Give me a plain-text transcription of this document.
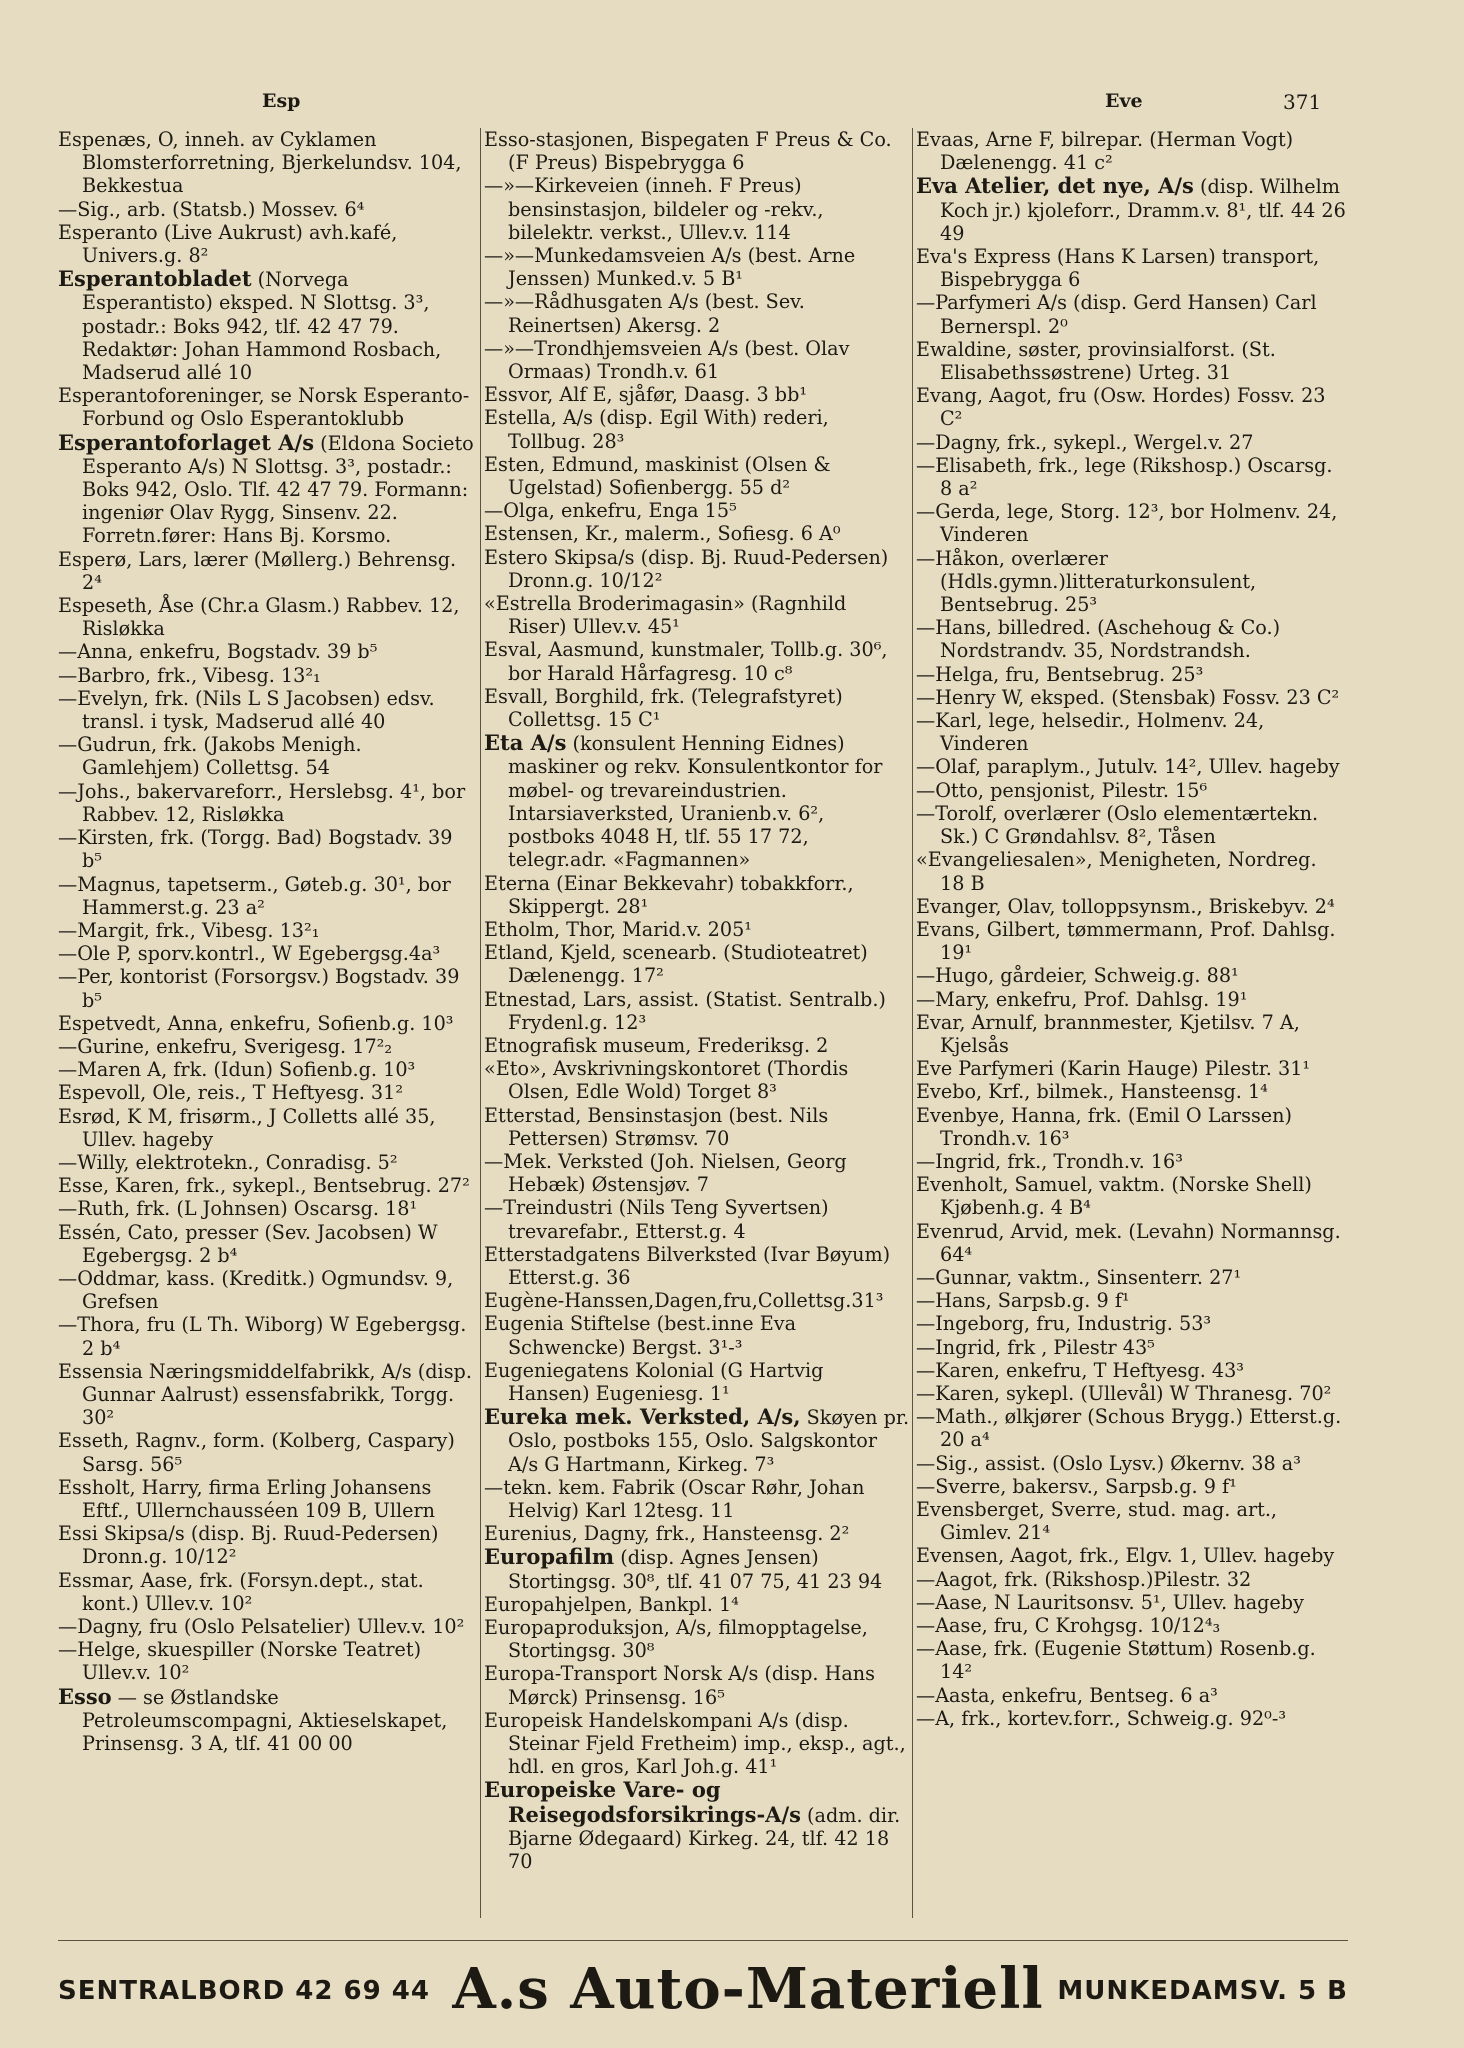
Esp	Eve	371

Espenæs, O, inneh. av Cyklamen Blomsterforretning, Bjerkelundsv. 104, Bekkestua

—Sig., arb. (Statsb.) Mossev. 6⁴

Esperanto (Live Aukrust) avh.kafé, Univers.g. 8²

Esperantobladet (Norvega Esperantisto) eksped. N Slottsg. 3³, postadr.: Boks 942, tlf. 42 47 79. Redaktør: Johan Hammond Rosbach, Madserud allé 10

Esperantoforeninger, se Norsk Esperanto-Forbund og Oslo Esperantoklubb

Esperantoforlaget A/s (Eldona Societo Esperanto A/s) N Slottsg. 3³, postadr.: Boks 942, Oslo. Tlf. 42 47 79. Formann: ingeniør Olav Rygg, Sinsenv. 22. Forretn.fører: Hans Bj. Korsmo.

Esperø, Lars, lærer (Møllerg.) Behrensg. 2⁴

Espeseth, Åse (Chr.a Glasm.) Rabbev. 12, Risløkka

—Anna, enkefru, Bogstadv. 39 b⁵

—Barbro, frk., Vibesg. 13²₁

—Evelyn, frk. (Nils L S Jacobsen) edsv. transl. i tysk, Madserud allé 40

—Gudrun, frk. (Jakobs Menigh. Gamlehjem) Collettsg. 54

—Johs., bakervareforr., Herslebsg. 4¹, bor Rabbev. 12, Risløkka

—Kirsten, frk. (Torgg. Bad) Bogstadv. 39 b⁵

—Magnus, tapetserm., Gøteb.g. 30¹, bor Hammerst.g. 23 a²

—Margit, frk., Vibesg. 13²₁

—Ole P, sporv.kontrl., W Egebergsg.4a³

—Per, kontorist (Forsorgsv.) Bogstadv. 39 b⁵

Espetvedt, Anna, enkefru, Sofienb.g. 10³

—Gurine, enkefru, Sverigesg. 17²₂

—Maren A, frk. (Idun) Sofienb.g. 10³

Espevoll, Ole, reis., T Heftyesg. 31²

Esrød, K M, frisørm., J Colletts allé 35, Ullev. hageby

—Willy, elektrotekn., Conradisg. 5²

Esse, Karen, frk., sykepl., Bentsebrug. 27²

—Ruth, frk. (L Johnsen) Oscarsg. 18¹

Essén, Cato, presser (Sev. Jacobsen) W Egebergsg. 2 b⁴

—Oddmar, kass. (Kreditk.) Ogmundsv. 9, Grefsen

—Thora, fru (L Th. Wiborg) W Egebergsg. 2 b⁴

Essensia Næringsmiddelfabrikk, A/s (disp. Gunnar Aalrust) essensfabrikk, Torgg. 30²

Esseth, Ragnv., form. (Kolberg, Caspary) Sarsg. 56⁵

Essholt, Harry, firma Erling Johansens Eftf., Ullernchausséen 109 B, Ullern

Essi Skipsa/s (disp. Bj. Ruud-Pedersen) Dronn.g. 10/12²

Essmar, Aase, frk. (Forsyn.dept., stat. kont.) Ullev.v. 10²

—Dagny, fru (Oslo Pelsatelier) Ullev.v. 10²

—Helge, skuespiller (Norske Teatret) Ullev.v. 10²

Esso — se Østlandske Petroleumscompagni, Aktieselskapet, Prinsensg. 3 A, tlf. 41 00 00

Esso-stasjonen, Bispegaten F Preus & Co. (F Preus) Bispebrygga 6

—»—Kirkeveien (inneh. F Preus) bensinstasjon, bildeler og -rekv., bilelektr. verkst., Ullev.v. 114

—»—Munkedamsveien A/s (best. Arne Jenssen) Munked.v. 5 B¹

—»—Rådhusgaten A/s (best. Sev. Reinertsen) Akersg. 2

—»—Trondhjemsveien A/s (best. Olav Ormaas) Trondh.v. 61

Essvor, Alf E, sjåfør, Daasg. 3 bb¹

Estella, A/s (disp. Egil With) rederi, Tollbug. 28³

Esten, Edmund, maskinist (Olsen & Ugelstad) Sofienbergg. 55 d²

—Olga, enkefru, Enga 15⁵

Estensen, Kr., malerm., Sofiesg. 6 A⁰

Estero Skipsa/s (disp. Bj. Ruud-Pedersen) Dronn.g. 10/12²

«Estrella Broderimagasin» (Ragnhild Riser) Ullev.v. 45¹

Esval, Aasmund, kunstmaler, Tollb.g. 30⁶, bor Harald Hårfagresg. 10 c⁸

Esvall, Borghild, frk. (Telegrafstyret) Collettsg. 15 C¹

Eta A/s (konsulent Henning Eidnes) maskiner og rekv. Konsulentkontor for møbel- og trevareindustrien. Intarsiaverksted, Uranienb.v. 6², postboks 4048 H, tlf. 55 17 72, telegr.adr. «Fagmannen»

Eterna (Einar Bekkevahr) tobakkforr., Skippergt. 28¹

Etholm, Thor, Marid.v. 205¹

Etland, Kjeld, scenearb. (Studioteatret) Dælenengg. 17²

Etnestad, Lars, assist. (Statist. Sentralb.) Frydenl.g. 12³

Etnografisk museum, Frederiksg. 2

«Eto», Avskrivningskontoret (Thordis Olsen, Edle Wold) Torget 8³

Etterstad, Bensinstasjon (best. Nils Pettersen) Strømsv. 70

—Mek. Verksted (Joh. Nielsen, Georg Hebæk) Østensjøv. 7

—Treindustri (Nils Teng Syvertsen) trevarefabr., Etterst.g. 4

Etterstadgatens Bilverksted (Ivar Bøyum) Etterst.g. 36

Eugène-Hanssen,Dagen,fru,Collettsg.31³

Eugenia Stiftelse (best.inne Eva Schwencke) Bergst. 3¹-³

Eugeniegatens Kolonial (G Hartvig Hansen) Eugeniesg. 1¹

Eureka mek. Verksted, A/s, Skøyen pr. Oslo, postboks 155, Oslo. Salgskontor A/s G Hartmann, Kirkeg. 7³

—tekn. kem. Fabrik (Oscar Røhr, Johan Helvig) Karl 12tesg. 11

Eurenius, Dagny, frk., Hansteensg. 2²

Europafilm (disp. Agnes Jensen) Stortingsg. 30⁸, tlf. 41 07 75, 41 23 94

Europahjelpen, Bankpl. 1⁴

Europaproduksjon, A/s, filmopptagelse, Stortingsg. 30⁸

Europa-Transport Norsk A/s (disp. Hans Mørck) Prinsensg. 16⁵

Europeisk Handelskompani A/s (disp. Steinar Fjeld Fretheim) imp., eksp., agt., hdl. en gros, Karl Joh.g. 41¹

Europeiske Vare- og Reisegodsforsikrings-A/s (adm. dir. Bjarne Ødegaard) Kirkeg. 24, tlf. 42 18 70

Evaas, Arne F, bilrepar. (Herman Vogt) Dælenengg. 41 c²

Eva Atelier, det nye, A/s (disp. Wilhelm Koch jr.) kjoleforr., Dramm.v. 8¹, tlf. 44 26 49

Eva's Express (Hans K Larsen) transport, Bispebrygga 6

—Parfymeri A/s (disp. Gerd Hansen) Carl Bernerspl. 2⁰

Ewaldine, søster, provinsialforst. (St. Elisabethssøstrene) Urteg. 31

Evang, Aagot, fru (Osw. Hordes) Fossv. 23 C²

—Dagny, frk., sykepl., Wergel.v. 27

—Elisabeth, frk., lege (Rikshosp.) Oscarsg. 8 a²

—Gerda, lege, Storg. 12³, bor Holmenv. 24, Vinderen

—Håkon, overlærer (Hdls.gymn.)litteraturkonsulent, Bentsebrug. 25³

—Hans, billedred. (Aschehoug & Co.) Nordstrandv. 35, Nordstrandsh.

—Helga, fru, Bentsebrug. 25³

—Henry W, eksped. (Stensbak) Fossv. 23 C²

—Karl, lege, helsedir., Holmenv. 24, Vinderen

—Olaf, paraplym., Jutulv. 14², Ullev. hageby

—Otto, pensjonist, Pilestr. 15⁶

—Torolf, overlærer (Oslo elementærtekn. Sk.) C Grøndahlsv. 8², Tåsen

«Evangeliesalen», Menigheten, Nordreg. 18 B

Evanger, Olav, tolloppsynsm., Briskebyv. 2⁴

Evans, Gilbert, tømmermann, Prof. Dahlsg. 19¹

—Hugo, gårdeier, Schweig.g. 88¹

—Mary, enkefru, Prof. Dahlsg. 19¹

Evar, Arnulf, brannmester, Kjetilsv. 7 A, Kjelsås

Eve Parfymeri (Karin Hauge) Pilestr. 31¹

Evebo, Krf., bilmek., Hansteensg. 1⁴

Evenbye, Hanna, frk. (Emil O Larssen) Trondh.v. 16³

—Ingrid, frk., Trondh.v. 16³

Evenholt, Samuel, vaktm. (Norske Shell) Kjøbenh.g. 4 B⁴

Evenrud, Arvid, mek. (Levahn) Normannsg. 64⁴

—Gunnar, vaktm., Sinsenterr. 27¹

—Hans, Sarpsb.g. 9 f¹

—Ingeborg, fru, Industrig. 53³

—Ingrid, frk , Pilestr 43⁵

—Karen, enkefru, T Heftyesg. 43³

—Karen, sykepl. (Ullevål) W Thranesg. 70²

—Math., ølkjører (Schous Brygg.) Etterst.g. 20 a⁴

—Sig., assist. (Oslo Lysv.) Økernv. 38 a³

—Sverre, bakersv., Sarpsb.g. 9 f¹

Evensberget, Sverre, stud. mag. art., Gimlev. 21⁴

Evensen, Aagot, frk., Elgv. 1, Ullev. hageby

—Aagot, frk. (Rikshosp.)Pilestr. 32

—Aase, N Lauritsonsv. 5¹, Ullev. hageby

—Aase, fru, C Krohgsg. 10/12⁴₃

—Aase, frk. (Eugenie Støttum) Rosenb.g. 14²

—Aasta, enkefru, Bentseg. 6 a³

—A, frk., kortev.forr., Schweig.g. 92⁰-³

SENTRALBORD 42 69 44 A.s Auto-Materiell MUNKEDAMSV. 5 B
